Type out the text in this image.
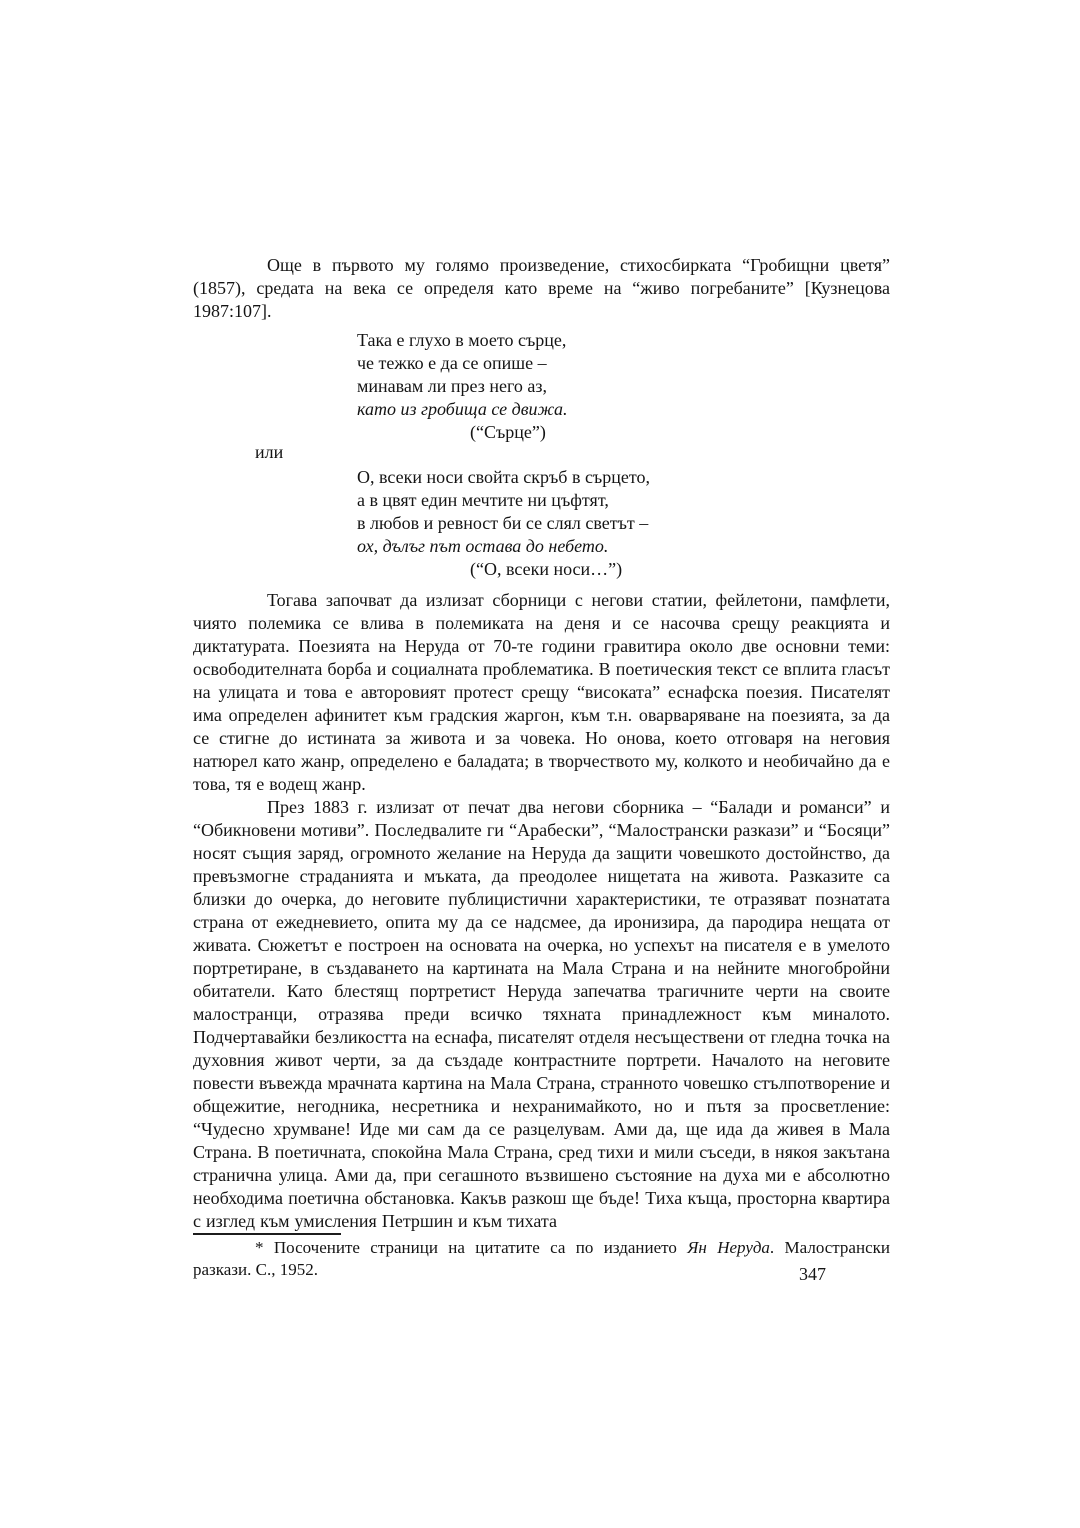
Още в първото му голямо произведение, стихосбирката “Гробищни цветя” (1857), средата на века се определя като време на “живо погребаните” [Кузнецова 1987:107].

Така е глухо в моето сърце,
че тежко е да се опише –
минавам ли през него аз,
като из гробища се движа.
(“Сърце”)
или
О, всеки носи свойта скръб в сърцето,
а в цвят един мечтите ни цъфтят,
в любов и ревност би се слял светът –
ох, дълъг път остава до небето.
(“О, всеки носи…”)

Тогава започват да излизат сборници с негови статии, фейлетони, памфлети, чиято полемика се влива в полемиката на деня и се насочва срещу реакцията и диктатурата. Поезията на Неруда от 70-те години гравитира около две основни теми: освободителната борба и социалната проблематика. В поетическия текст се вплита гласът на улицата и това е авторовият протест срещу “високата” еснафска поезия. Писателят има определен афинитет към градския жаргон, към т.н. оварваряване на поезията, за да се стигне до истината за живота и за човека. Но онова, което отговаря на неговия натюрел като жанр, определено е баладата; в творчеството му, колкото и необичайно да е това, тя е водещ жанр.

През 1883 г. излизат от печат два негови сборника – “Балади и романси” и “Обикновени мотиви”. Последвалите ги “Арабески”, “Малострански разкази” и “Босяци” носят същия заряд, огромното желание на Неруда да защити човешкото достойнство, да превъзмогне страданията и мъката, да преодолее нищетата на живота. Разказите са близки до очерка, до неговите публицистични характеристики, те отразяват познатата страна от ежедневието, опита му да се надсмее, да иронизира, да пародира нещата от живата. Сюжетът е построен на основата на очерка, но успехът на писателя е в умелото портретиране, в създаването на картината на Мала Страна и на нейните многобройни обитатели. Като блестящ портретист Неруда запечатва трагичните черти на своите малостранци, отразява преди всичко тяхната принадлежност към миналото. Подчертавайки безликостта на еснафа, писателят отделя несъществени от гледна точка на духовния живот черти, за да създаде контрастните портрети. Началото на неговите повести въвежда мрачната картина на Мала Страна, странното човешко стълпотворение и общежитие, негодника, несретника и нехранимайкото, но и пътя за просветление: “Чудесно хрумване! Иде ми сам да се разцелувам. Ами да, ще ида да живея в Мала Страна. В поетичната, спокойна Мала Страна, сред тихи и мили съседи, в някоя закътана странична улица. Ами да, при сегашното възвишено състояние на духа ми е абсолютно необходима поетична обстановка. Какъв разкош ще бъде! Тиха къща, просторна квартира с изглед към умисления Петршин и към тихата

* Посочените страници на цитатите са по изданието Ян Неруда. Малострански разкази. С., 1952.	347
